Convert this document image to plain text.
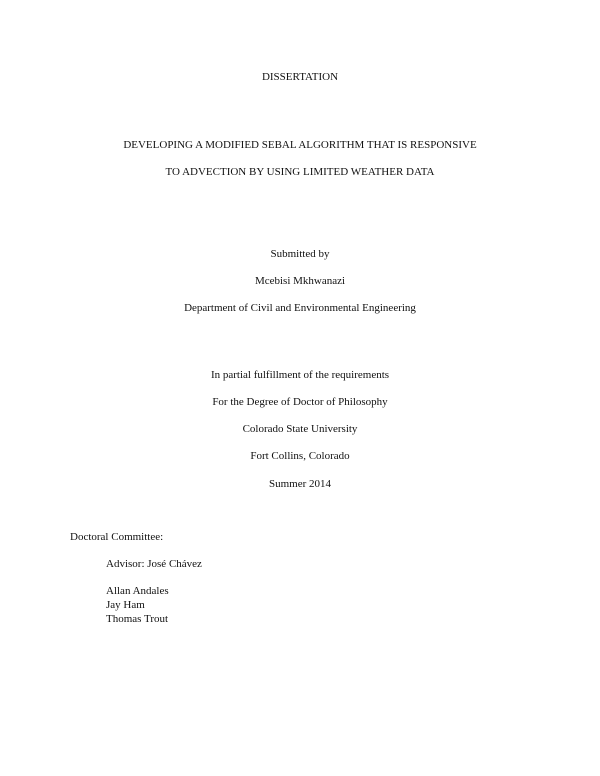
DISSERTATION
DEVELOPING A MODIFIED SEBAL ALGORITHM THAT IS RESPONSIVE
TO ADVECTION BY USING LIMITED WEATHER DATA
Submitted by
Mcebisi Mkhwanazi
Department of Civil and Environmental Engineering
In partial fulfillment of the requirements
For the Degree of Doctor of Philosophy
Colorado State University
Fort Collins, Colorado
Summer 2014
Doctoral Committee:
Advisor: José Chávez
Allan Andales
Jay Ham
Thomas Trout
